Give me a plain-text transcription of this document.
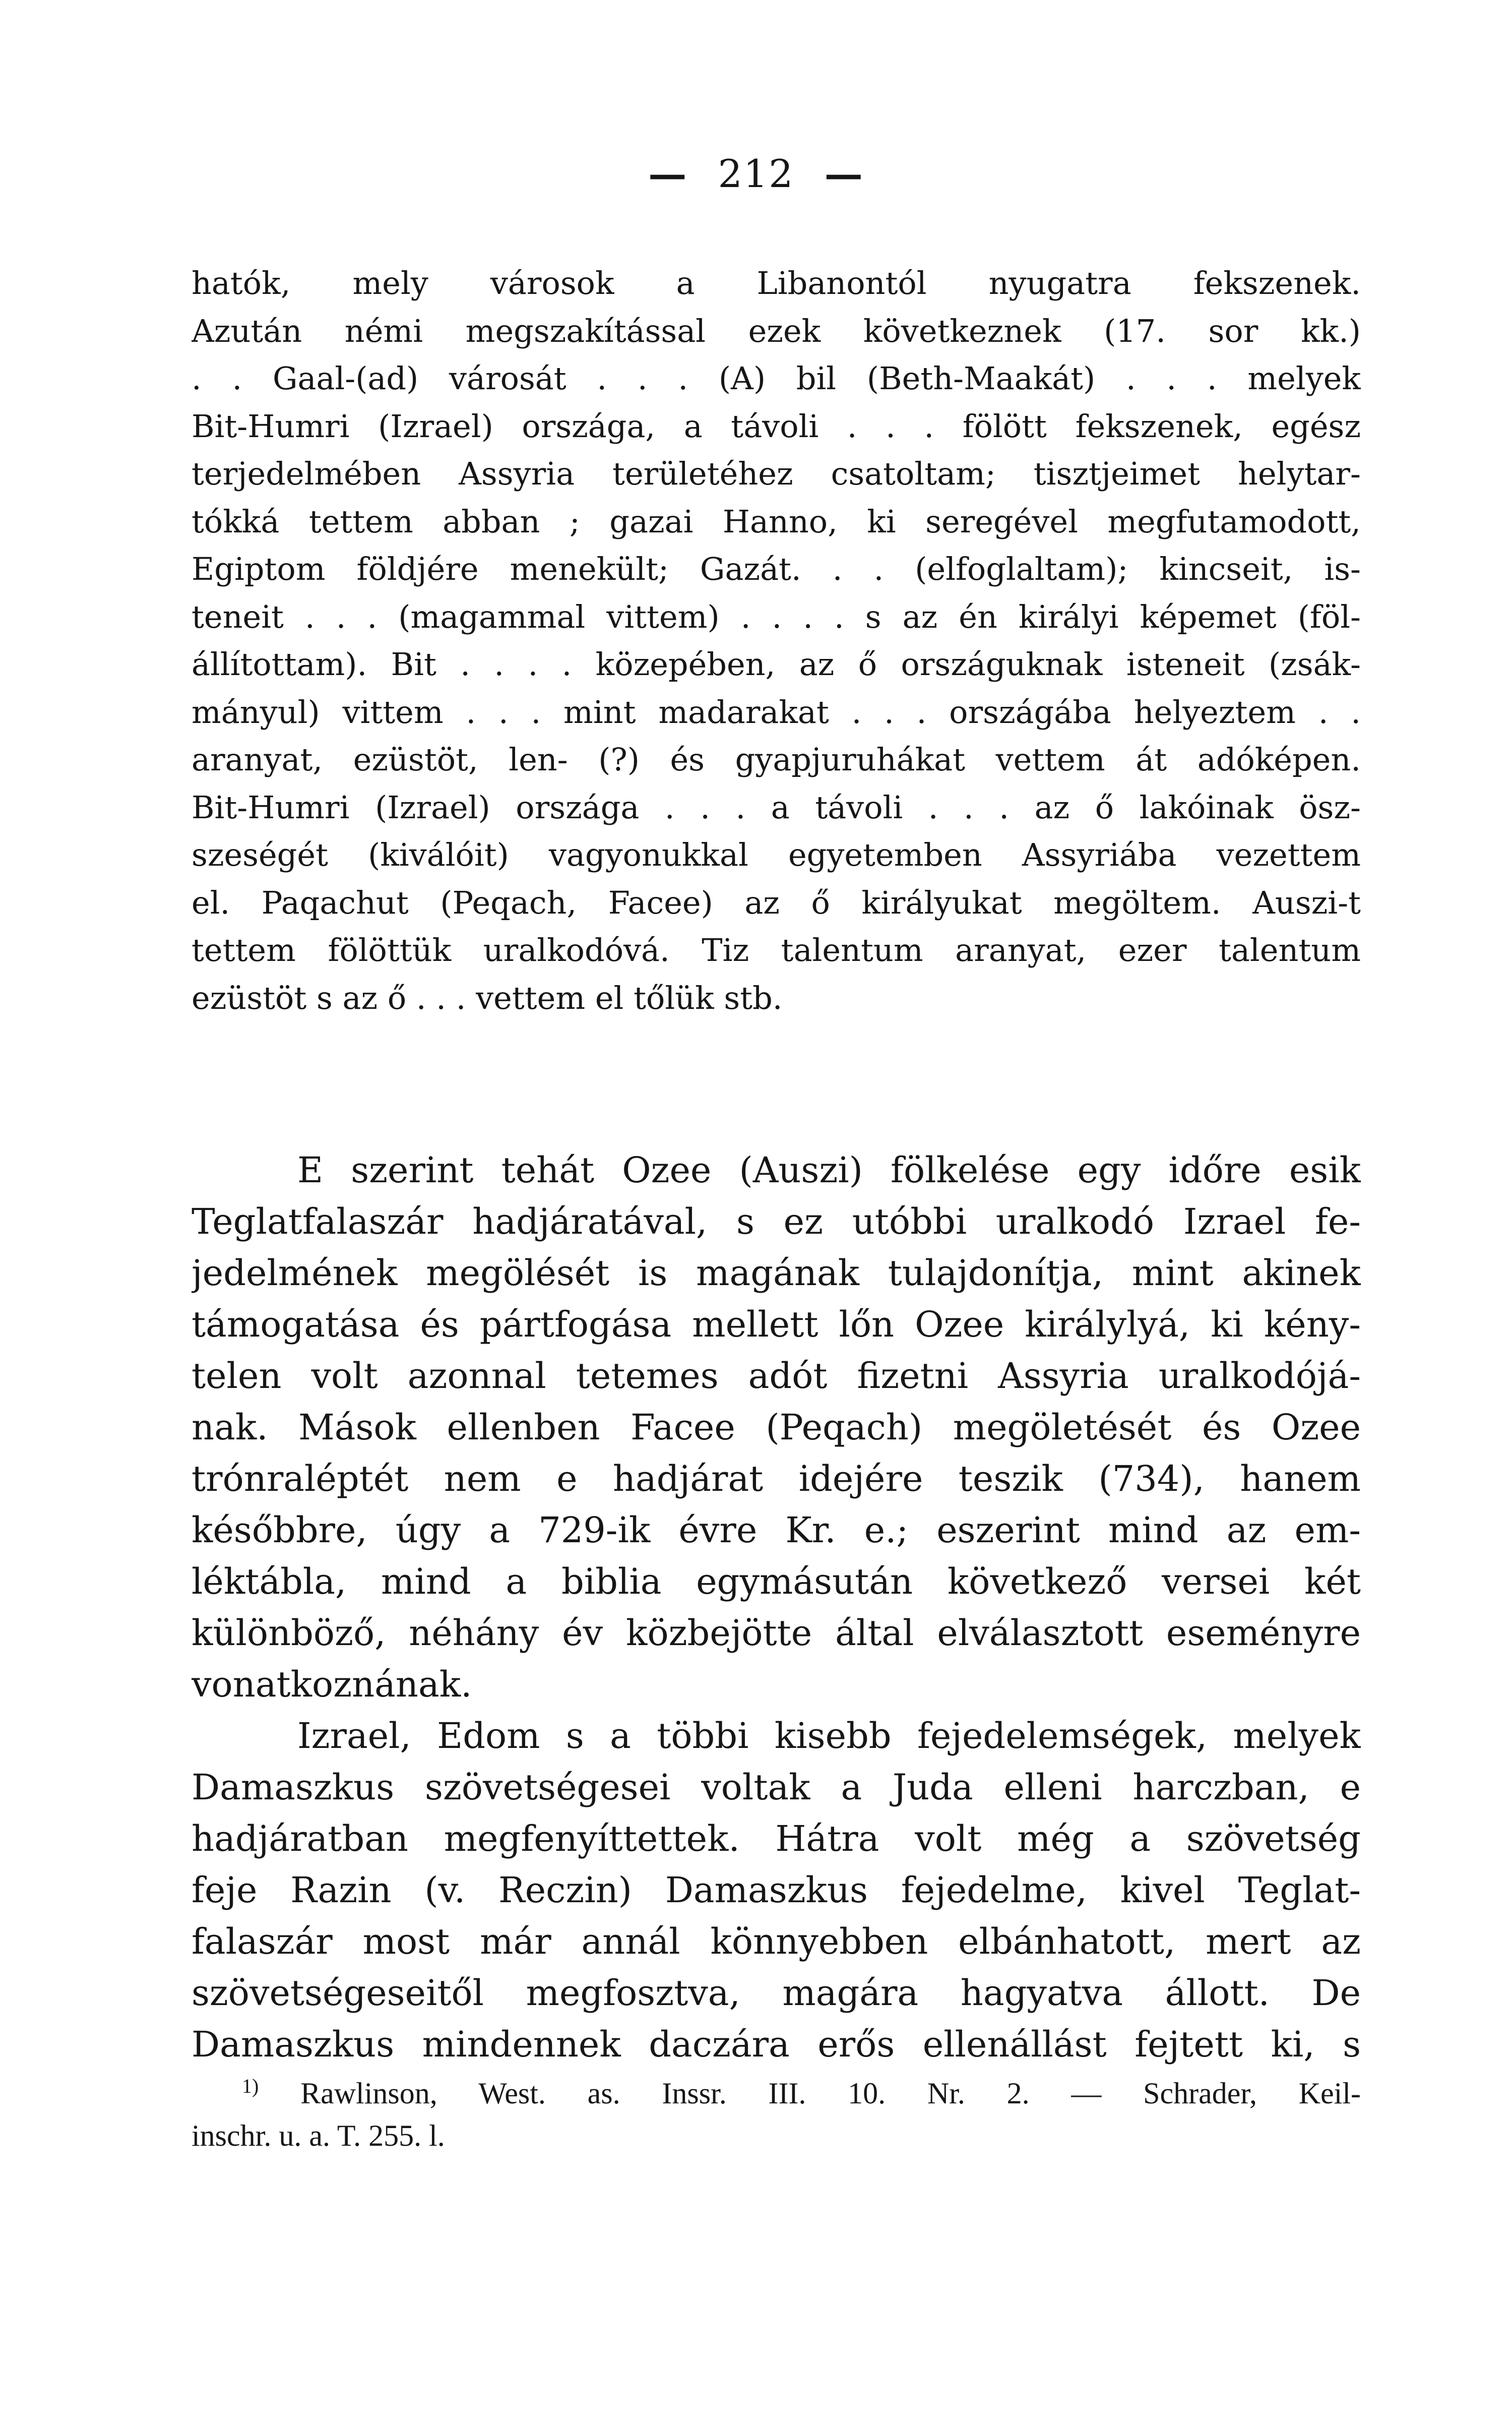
— 212 —
hatók, mely városok a Libanontól nyugatra fekszenek.
Azután némi megszakítással ezek következnek (17. sor kk.)
. . Gaal-(ad) városát . . . (A) bil (Beth-Maakát) . . . melyek
Bit-Humri (Izrael) országa, a távoli . . . fölött fekszenek, egész
terjedelmében Assyria területéhez csatoltam; tisztjeimet helytar-
tókká tettem abban ; gazai Hanno, ki seregével megfutamodott,
Egiptom földjére menekült; Gazát. . . (elfoglaltam); kincseit, is-
teneit . . . (magammal vittem) . . . . s az én királyi képemet (föl-
állítottam). Bit . . . . közepében, az ő országuknak isteneit (zsák-
mányul) vittem . . . mint madarakat . . . országába helyeztem . .
aranyat, ezüstöt, len- (?) és gyapjuruhákat vettem át adóképen.
Bit-Humri (Izrael) országa . . . a távoli . . . az ő lakóinak ösz-
szeségét (kiválóit) vagyonukkal egyetemben Assyriába vezettem
el. Paqachut (Peqach, Facee) az ő királyukat megöltem. Auszi-t
tettem fölöttük uralkodóvá. Tiz talentum aranyat, ezer talentum
ezüstöt s az ő . . . vettem el tőlük stb.
E szerint tehát Ozee (Auszi) fölkelése egy időre esik
Teglatfalaszár hadjáratával, s ez utóbbi uralkodó Izrael fe-
jedelmének megölését is magának tulajdonítja, mint akinek
támogatása és pártfogása mellett lőn Ozee királylyá, ki kény-
telen volt azonnal tetemes adót fizetni Assyria uralkodójá-
nak. Mások ellenben Facee (Peqach) megöletését és Ozee
trónraléptét nem e hadjárat idejére teszik (734), hanem
későbbre, úgy a 729-ik évre Kr. e.; eszerint mind az em-
léktábla, mind a biblia egymásután következő versei két
különböző, néhány év közbejötte által elválasztott eseményre
vonatkoznának.
Izrael, Edom s a többi kisebb fejedelemségek, melyek
Damaszkus szövetségesei voltak a Juda elleni harczban, e
hadjáratban megfenyíttettek. Hátra volt még a szövetség
feje Razin (v. Reczin) Damaszkus fejedelme, kivel Teglat-
falaszár most már annál könnyebben elbánhatott, mert az
szövetségeseitől megfosztva, magára hagyatva állott. De
Damaszkus mindennek daczára erős ellenállást fejtett ki, s
$^{1)}$ Rawlinson, West. as. Inssr. III. 10. Nr. 2. — Schrader, Keil-
inschr. u. a. T. 255. l.
